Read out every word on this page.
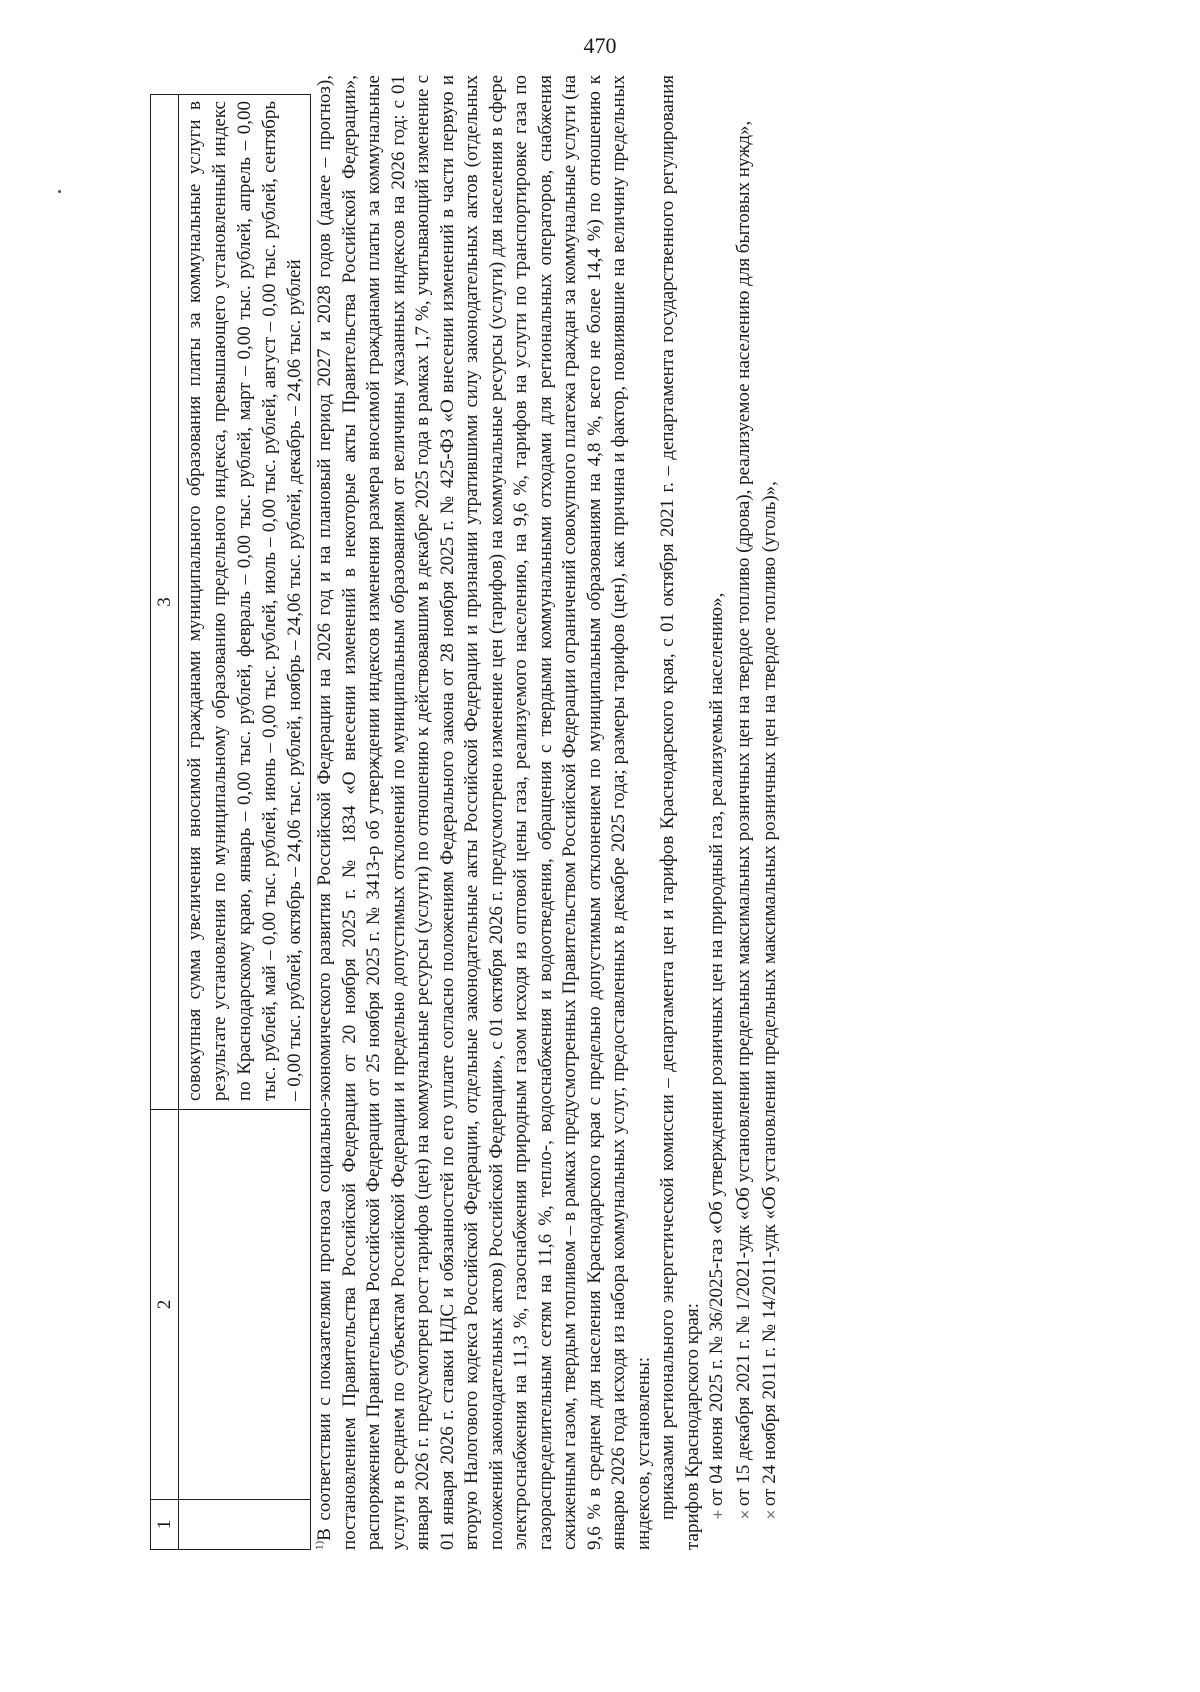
470
1	2	3

		совокупная сумма увеличения вносимой гражданами муниципального образования платы за коммунальные услуги в результате установления по муниципальному образованию предельного индекса, превышающего установленный индекс по Краснодарскому краю, январь – 0,00 тыс. рублей, февраль – 0,00 тыс. рублей, март – 0,00 тыс. рублей, апрель – 0,00 тыс. рублей, май – 0,00 тыс. рублей, июнь – 0,00 тыс. рублей, июль – 0,00 тыс. рублей, август – 0,00 тыс. рублей, сентябрь – 0,00 тыс. рублей, октябрь – 24,06 тыс. рублей, ноябрь – 24,06 тыс. рублей, декабрь – 24,06 тыс. рублей

$^{1)}$В соответствии с показателями прогноза социально-экономического развития Российской Федерации на 2026 год и на плановый период 2027 и 2028 годов (далее – прогноз), постановлением Правительства Российской Федерации от 20 ноября 2025 г. № 1834 «О внесении изменений в некоторые акты Правительства Российской Федерации», распоряжением Правительства Российской Федерации от 25 ноября 2025 г. № 3413-р об утверждении индексов изменения размера вносимой гражданами платы за коммунальные услуги в среднем по субъектам Российской Федерации и предельно допустимых отклонений по муниципальным образованиям от величины указанных индексов на 2026 год: с 01 января 2026 г. предусмотрен рост тарифов (цен) на коммунальные ресурсы (услуги) по отношению к действовавшим в декабре 2025 года в рамках 1,7 %, учитывающий изменение с 01 января 2026 г. ставки НДС и обязанностей по его уплате согласно положениям Федерального закона от 28 ноября 2025 г. № 425-ФЗ «О внесении изменений в части первую и вторую Налогового кодекса Российской Федерации, отдельные законодательные акты Российской Федерации и признании утратившими силу законодательных актов (отдельных положений законодательных актов) Российской Федерации», с 01 октября 2026 г. предусмотрено изменение цен (тарифов) на коммунальные ресурсы (услуги) для населения в сфере электроснабжения на 11,3 %, газоснабжения природным газом исходя из оптовой цены газа, реализуемого населению, на 9,6 %, тарифов на услуги по транспортировке газа по газораспределительным сетям на 11,6 %, тепло-, водоснабжения и водоотведения, обращения с твердыми коммунальными отходами для региональных операторов, снабжения сжиженным газом, твердым топливом – в рамках предусмотренных Правительством Российской Федерации ограничений совокупного платежа граждан за коммунальные услуги (на 9,6 % в среднем для населения Краснодарского края с предельно допустимым отклонением по муниципальным образованиям на 4,8 %, всего не более 14,4 %) по отношению к январю 2026 года исходя из набора коммунальных услуг, предоставленных в декабре 2025 года; размеры тарифов (цен), как причина и фактор, повлиявшие на величину предельных индексов, установлены: приказами регионального энергетической комиссии – департамента цен и тарифов Краснодарского края, с 01 октября 2021 г. – департамента государственного регулирования тарифов Краснодарского края: +от 04 июня 2025 г. № 36/2025-газ «Об утверждении розничных цен на природный газ, реализуемый населению»,

⨯от 15 декабря 2021 г. № 1/2021-удк «Об установлении предельных максимальных розничных цен на твердое топливо (дрова), реализуемое населению для бытовых нужд»,

⨯от 24 ноября 2011 г. № 14/2011-удк «Об установлении предельных максимальных розничных цен на твердое топливо (уголь)»,
